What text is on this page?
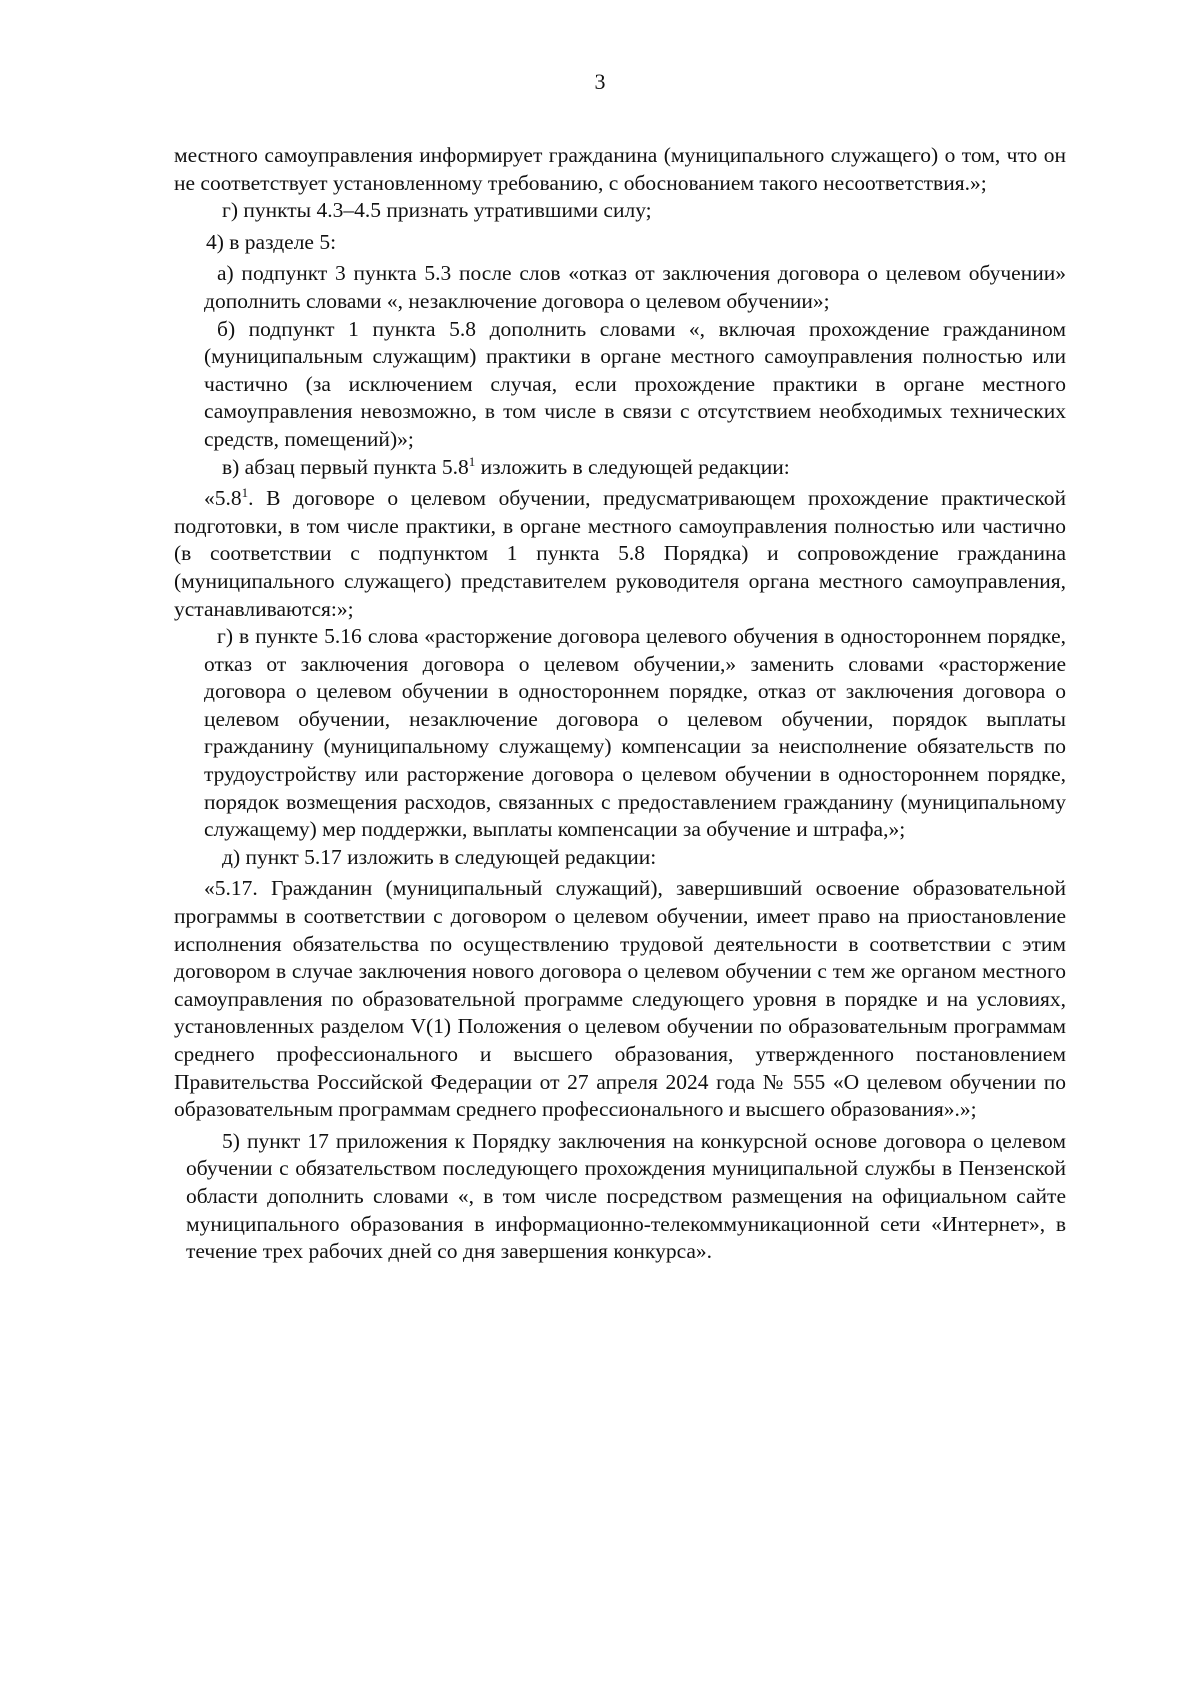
3

местного самоуправления информирует гражданина (муниципального служащего) о том, что он не соответствует установленному требованию, с обоснованием такого несоответствия.»;

г) пункты 4.3–4.5 признать утратившими силу;

4) в разделе 5:

а) подпункт 3 пункта 5.3 после слов «отказ от заключения договора о целевом обучении» дополнить словами «, незаключение договора о целевом обучении»;

б) подпункт 1 пункта 5.8 дополнить словами «, включая прохождение гражданином (муниципальным служащим) практики в органе местного самоуправления полностью или частично (за исключением случая, если прохождение практики в органе местного самоуправления невозможно, в том числе в связи с отсутствием необходимых технических средств, помещений)»;

в) абзац первый пункта $5.8^1$ изложить в следующей редакции:

«$5.8^1$. В договоре о целевом обучении, предусматривающем прохождение практической подготовки, в том числе практики, в органе местного самоуправления полностью или частично (в соответствии с подпунктом 1 пункта 5.8 Порядка) и сопровождение гражданина (муниципального служащего) представителем руководителя органа местного самоуправления, устанавливаются:»;

г) в пункте 5.16 слова «расторжение договора целевого обучения в одностороннем порядке, отказ от заключения договора о целевом обучении,» заменить словами «расторжение договора о целевом обучении в одностороннем порядке, отказ от заключения договора о целевом обучении, незаключение договора о целевом обучении, порядок выплаты гражданину (муниципальному служащему) компенсации за неисполнение обязательств по трудоустройству или расторжение договора о целевом обучении в одностороннем порядке, порядок возмещения расходов, связанных с предоставлением гражданину (муниципальному служащему) мер поддержки, выплаты компенсации за обучение и штрафа,»;

д) пункт 5.17 изложить в следующей редакции:

«5.17. Гражданин (муниципальный служащий), завершивший освоение образовательной программы в соответствии с договором о целевом обучении, имеет право на приостановление исполнения обязательства по осуществлению трудовой деятельности в соответствии с этим договором в случае заключения нового договора о целевом обучении с тем же органом местного самоуправления по образовательной программе следующего уровня в порядке и на условиях, установленных разделом V(1) Положения о целевом обучении по образовательным программам среднего профессионального и высшего образования, утвержденного постановлением Правительства Российской Федерации от 27 апреля 2024 года № 555 «О целевом обучении по образовательным программам среднего профессионального и высшего образования».»;

5) пункт 17 приложения к Порядку заключения на конкурсной основе договора о целевом обучении с обязательством последующего прохождения муниципальной службы в Пензенской области дополнить словами «, в том числе посредством размещения на официальном сайте муниципального образования в информационно-телекоммуникационной сети «Интернет», в течение трех рабочих дней со дня завершения конкурса».
